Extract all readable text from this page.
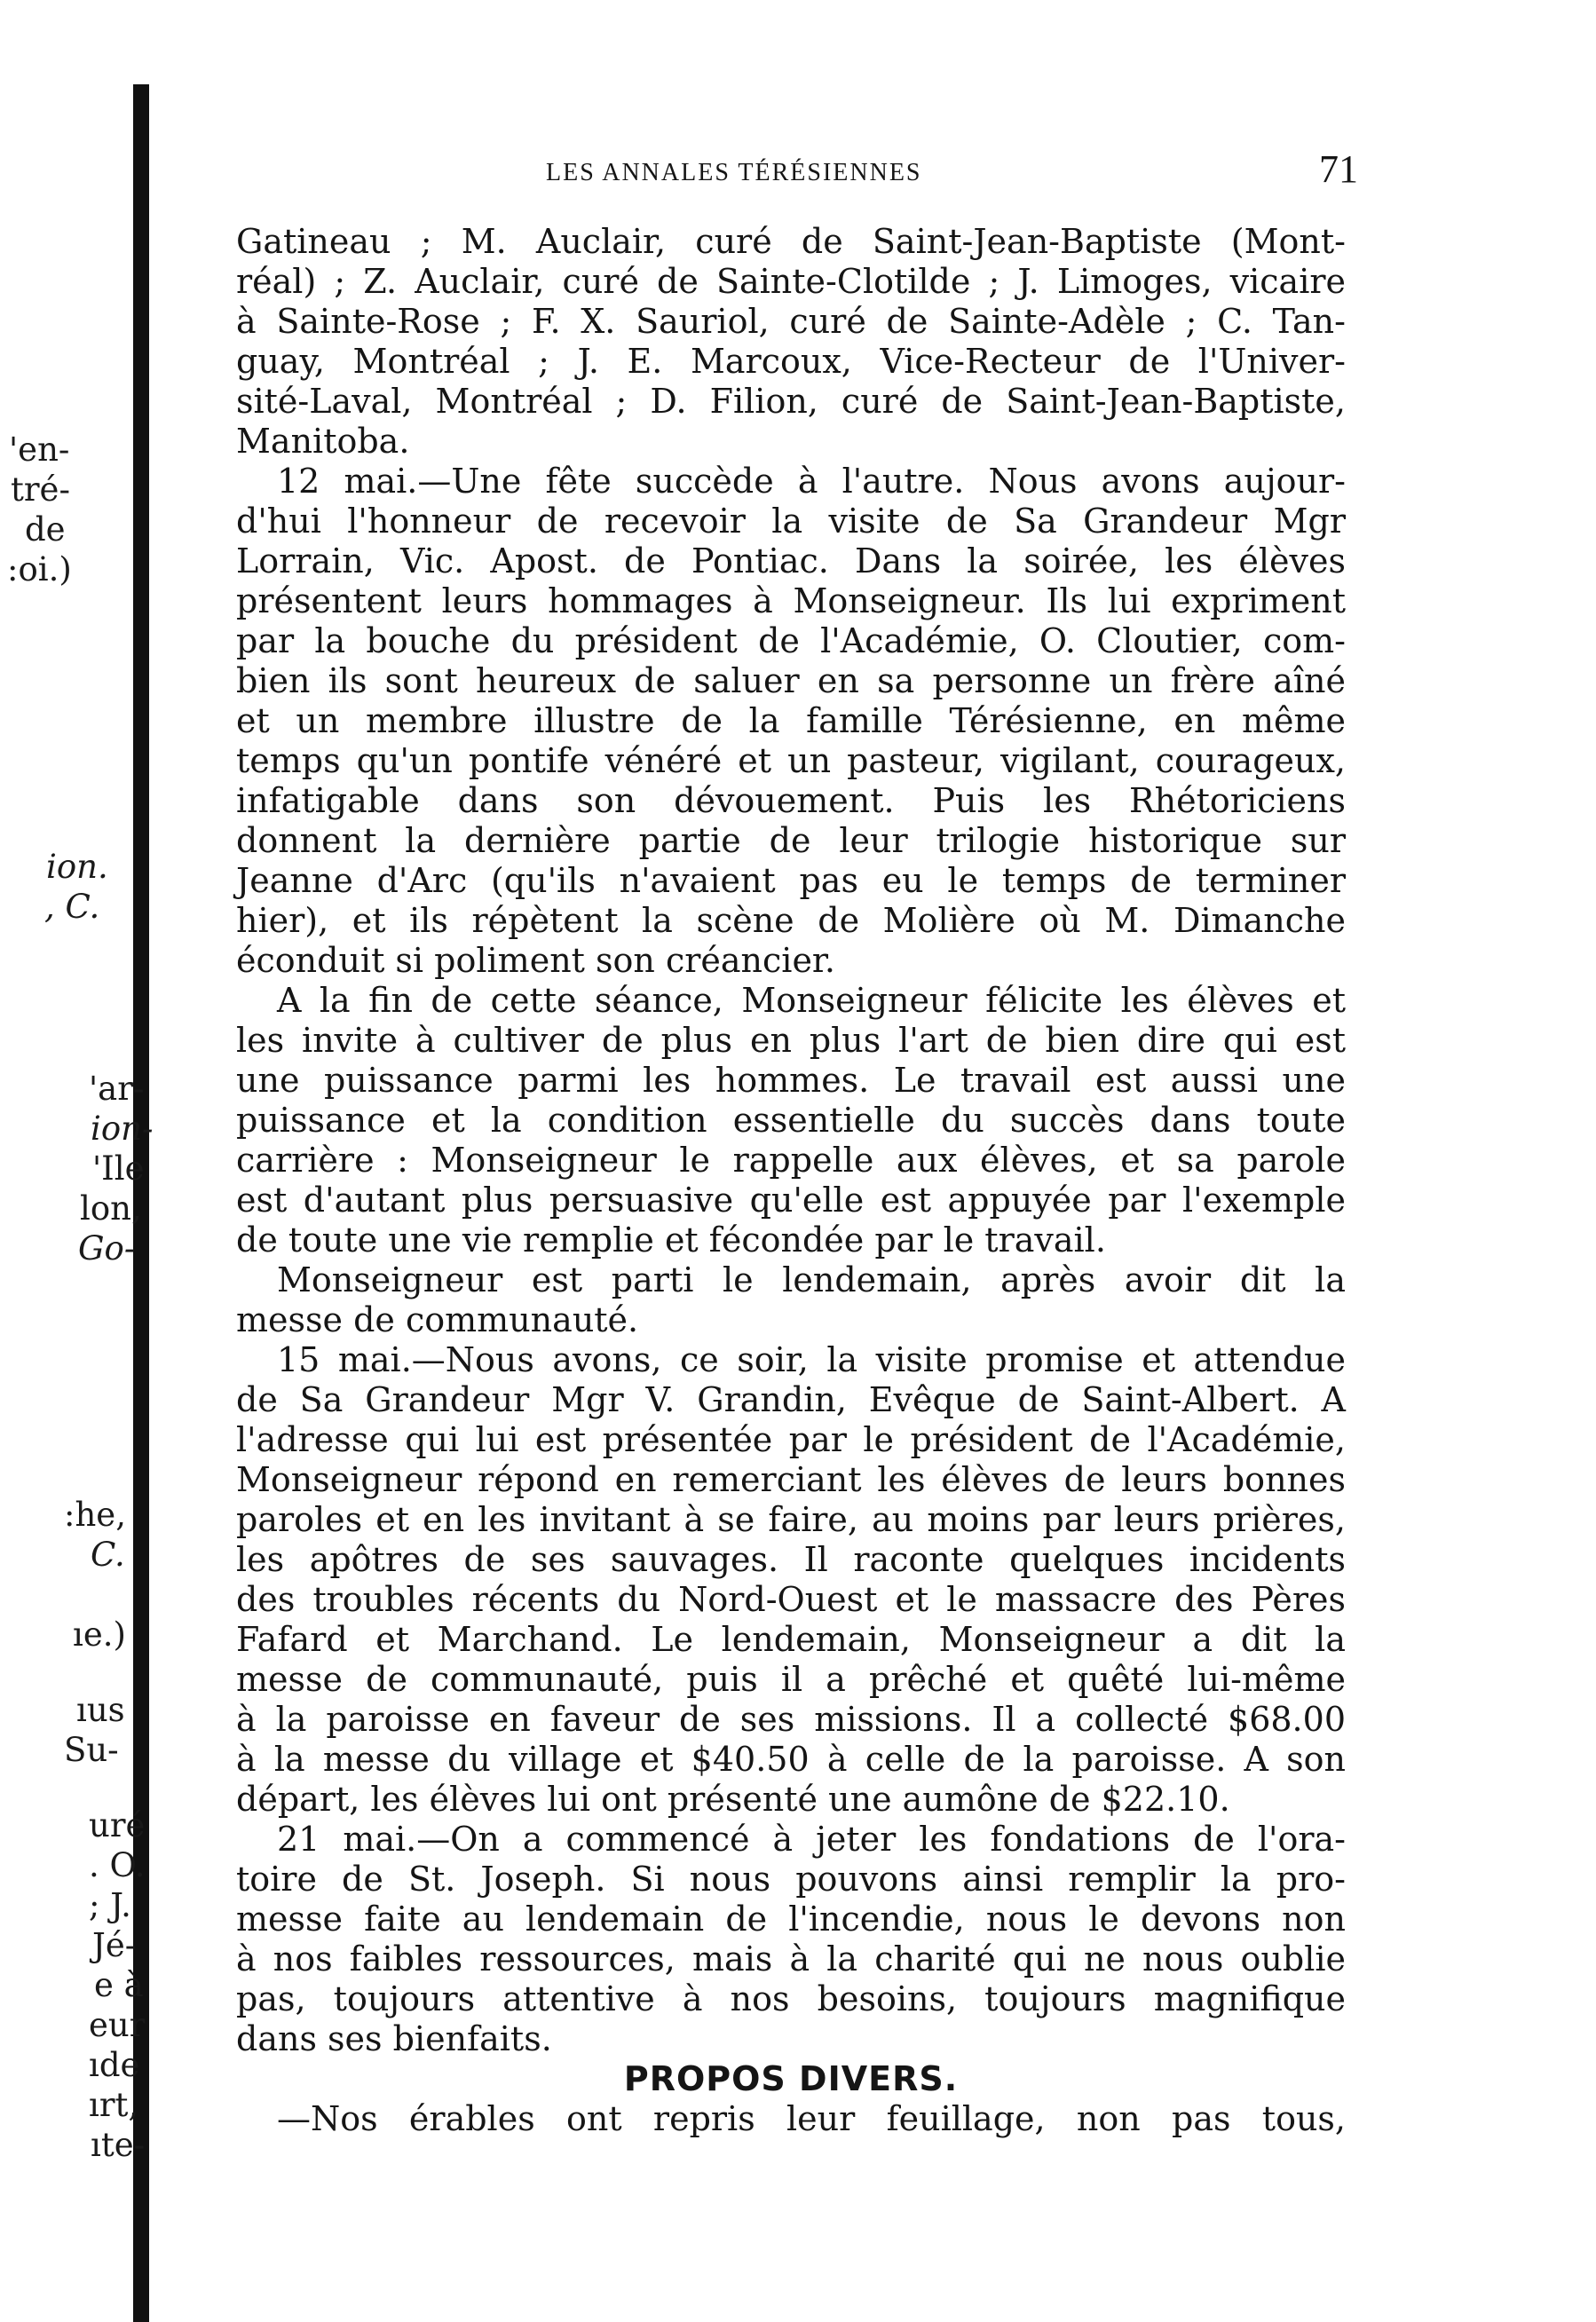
'en-
tré-
de
:oi.)
ion.
, C.
'ar-
ion-
'Ile
lon,
Go-
:he,
C.
ıe.)
ıus
Su-
uré
. O.
; J.
Jé-
e à
eur
ıde
ırt,
ıte-
LES ANNALES TÉRÉSIENNES	71
Gatineau ; M. Auclair, curé de Saint-Jean-Baptiste (Mont-
réal) ; Z. Auclair, curé de Sainte-Clotilde ; J. Limoges, vicaire
à Sainte-Rose ; F. X. Sauriol, curé de Sainte-Adèle ; C. Tan-
guay, Montréal ; J. E. Marcoux, Vice-Recteur de l'Univer-
sité-Laval, Montréal ; D. Filion, curé de Saint-Jean-Baptiste,
Manitoba.
12 mai.—Une fête succède à l'autre. Nous avons aujour-
d'hui l'honneur de recevoir la visite de Sa Grandeur Mgr
Lorrain, Vic. Apost. de Pontiac. Dans la soirée, les élèves
présentent leurs hommages à Monseigneur. Ils lui expriment
par la bouche du président de l'Académie, O. Cloutier, com-
bien ils sont heureux de saluer en sa personne un frère aîné
et un membre illustre de la famille Térésienne, en même
temps qu'un pontife vénéré et un pasteur, vigilant, courageux,
infatigable dans son dévouement. Puis les Rhétoriciens
donnent la dernière partie de leur trilogie historique sur
Jeanne d'Arc (qu'ils n'avaient pas eu le temps de terminer
hier), et ils répètent la scène de Molière où M. Dimanche
éconduit si poliment son créancier.
A la fin de cette séance, Monseigneur félicite les élèves et
les invite à cultiver de plus en plus l'art de bien dire qui est
une puissance parmi les hommes. Le travail est aussi une
puissance et la condition essentielle du succès dans toute
carrière : Monseigneur le rappelle aux élèves, et sa parole
est d'autant plus persuasive qu'elle est appuyée par l'exemple
de toute une vie remplie et fécondée par le travail.
Monseigneur est parti le lendemain, après avoir dit la
messe de communauté.
15 mai.—Nous avons, ce soir, la visite promise et attendue
de Sa Grandeur Mgr V. Grandin, Evêque de Saint-Albert. A
l'adresse qui lui est présentée par le président de l'Académie,
Monseigneur répond en remerciant les élèves de leurs bonnes
paroles et en les invitant à se faire, au moins par leurs prières,
les apôtres de ses sauvages. Il raconte quelques incidents
des troubles récents du Nord-Ouest et le massacre des Pères
Fafard et Marchand. Le lendemain, Monseigneur a dit la
messe de communauté, puis il a prêché et quêté lui-même
à la paroisse en faveur de ses missions. Il a collecté $68.00
à la messe du village et $40.50 à celle de la paroisse. A son
départ, les élèves lui ont présenté une aumône de $22.10.
21 mai.—On a commencé à jeter les fondations de l'ora-
toire de St. Joseph. Si nous pouvons ainsi remplir la pro-
messe faite au lendemain de l'incendie, nous le devons non
à nos faibles ressources, mais à la charité qui ne nous oublie
pas, toujours attentive à nos besoins, toujours magnifique
dans ses bienfaits.
PROPOS DIVERS.
—Nos érables ont repris leur feuillage, non pas tous,
